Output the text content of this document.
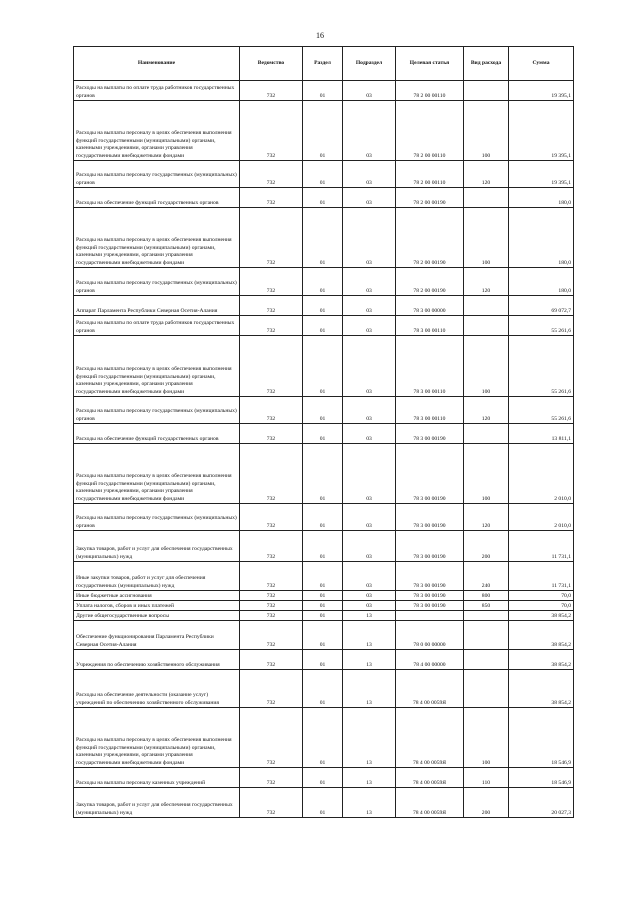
16
Наименование	Ведомство	Раздел	Подраздел	Целевая статья	Вид расхода	Сумма
Расходы на выплаты по оплате труда работников государственных органов	732	01	03	78 2 00 00110		19 395,1
Расходы на выплаты персоналу в целях обеспечения выполнения функций государственными (муниципальными) органами, казенными учреждениями, органами управления государственными внебюджетными фондами	732	01	03	78 2 00 00110	100	19 395,1
Расходы на выплаты персоналу государственных (муниципальных) органов	732	01	03	78 2 00 00110	120	19 395,1
Расходы на обеспечение функций государственных органов	732	01	03	78 2 00 00190		180,0
Расходы на выплаты персоналу в целях обеспечения выполнения функций государственными (муниципальными) органами, казенными учреждениями, органами управления государственными внебюджетными фондами	732	01	03	78 2 00 00190	100	180,0
Расходы на выплаты персоналу государственных (муниципальных) органов	732	01	03	78 2 00 00190	120	180,0
Аппарат Парламента Республики Северная Осетия-Алания	732	01	03	78 3 00 00000		69 072,7
Расходы на выплаты по оплате труда работников государственных органов	732	01	03	78 3 00 00110		55 261,6
Расходы на выплаты персоналу в целях обеспечения выполнения функций государственными (муниципальными) органами, казенными учреждениями, органами управления государственными внебюджетными фондами	732	01	03	78 3 00 00110	100	55 261,6
Расходы на выплаты персоналу государственных (муниципальных) органов	732	01	03	78 3 00 00110	120	55 261,6
Расходы на обеспечение функций государственных органов	732	01	03	78 3 00 00190		13 811,1
Расходы на выплаты персоналу в целях обеспечения выполнения функций государственными (муниципальными) органами, казенными учреждениями, органами управления государственными внебюджетными фондами	732	01	03	78 3 00 00190	100	2 010,0
Расходы на выплаты персоналу государственных (муниципальных) органов	732	01	03	78 3 00 00190	120	2 010,0
Закупка товаров, работ и услуг для обеспечения государственных (муниципальных) нужд	732	01	03	78 3 00 00190	200	11 731,1
Иные закупки товаров, работ и услуг для обеспечения государственных (муниципальных) нужд	732	01	03	78 3 00 00190	240	11 731,1
Иные бюджетные ассигнования	732	01	03	78 3 00 00190	800	70,0
Уплата налогов, сборов и иных платежей	732	01	03	78 3 00 00190	850	70,0
Другие общегосударственные вопросы	732	01	13			38 854,2
Обеспечение функционирования Парламента Республики Северная Осетия-Алания	732	01	13	78 0 00 00000		38 854,2
Учреждения по обеспечению хозяйственного обслуживания	732	01	13	78 4 00 00000		38 854,2
Расходы на обеспечение деятельности (оказание услуг) учреждений по обеспечению хозяйственного обслуживания	732	01	13	78 4 00 0059Я		38 854,2
Расходы на выплаты персоналу в целях обеспечения выполнения функций государственными (муниципальными) органами, казенными учреждениями, органами управления государственными внебюджетными фондами	732	01	13	78 4 00 0059Я	100	18 546,9
Расходы на выплаты персоналу казенных учреждений	732	01	13	78 4 00 0059Я	110	18 546,9
Закупка товаров, работ и услуг для обеспечения государственных (муниципальных) нужд	732	01	13	78 4 00 0059Я	200	20 027,3
